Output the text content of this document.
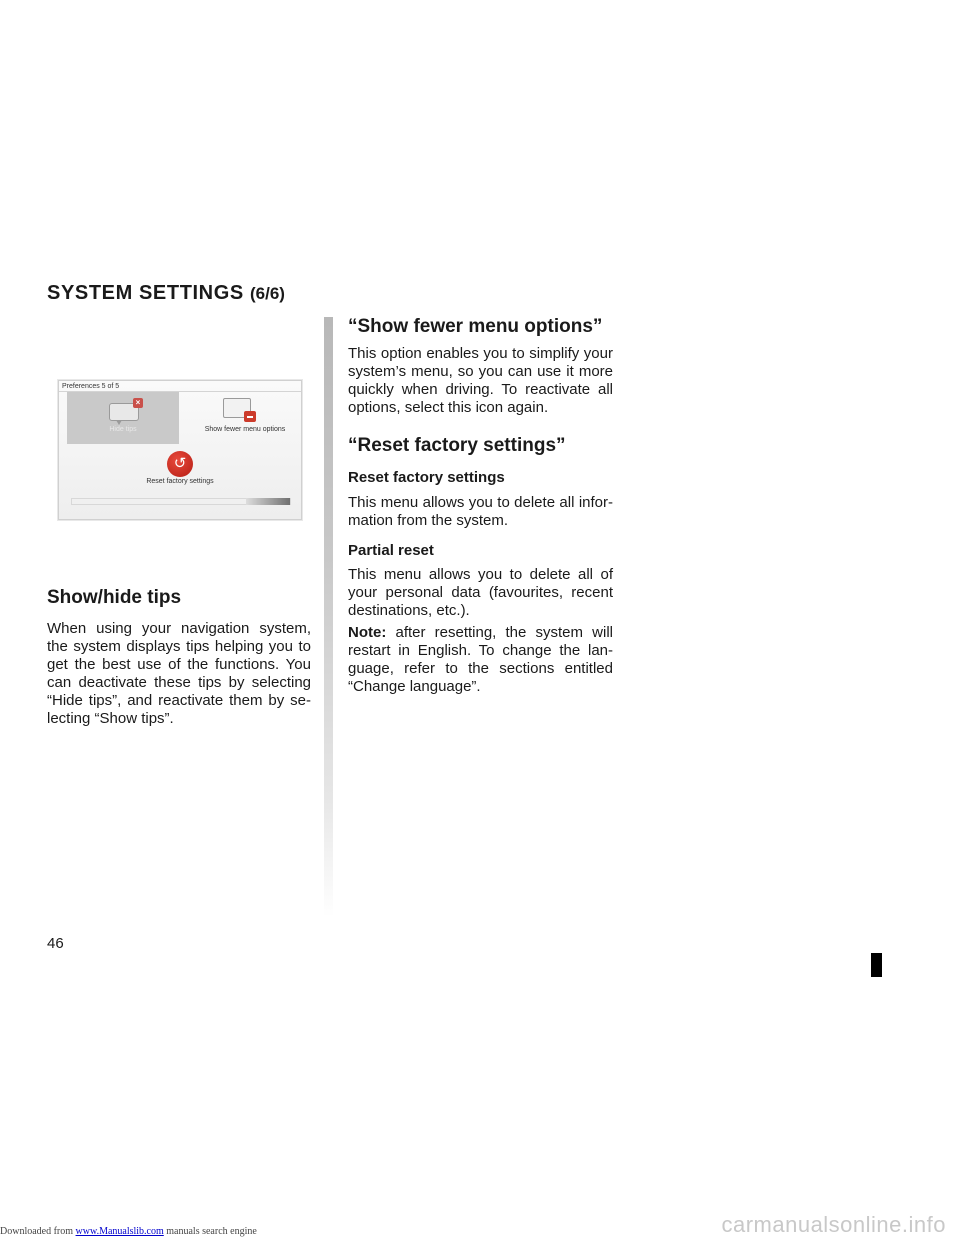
SYSTEM SETTINGS (6/6)
Preferences 5 of 5
×
Hide tips	Show fewer menu options
↺
Reset factory settings
Show/hide tips

When using your navigation system, the system displays tips helping you to get the best use of the functions. You can deactivate these tips by selecting “Hide tips”, and reactivate them by se-lecting “Show tips”.

“Show fewer menu options”

This option enables you to simplify your system’s menu, so you can use it more quickly when driving. To reactivate all options, select this icon again.

“Reset factory settings”
Reset factory settings

This menu allows you to delete all infor-mation from the system.

Partial reset

This menu allows you to delete all of your personal data (favourites, recent destinations, etc.).

Note: after resetting, the system will restart in English. To change the lan-guage, refer to the sections entitled “Change language”.

46
Downloaded from www.Manualslib.com manuals search engine	carmanualsonline.info
